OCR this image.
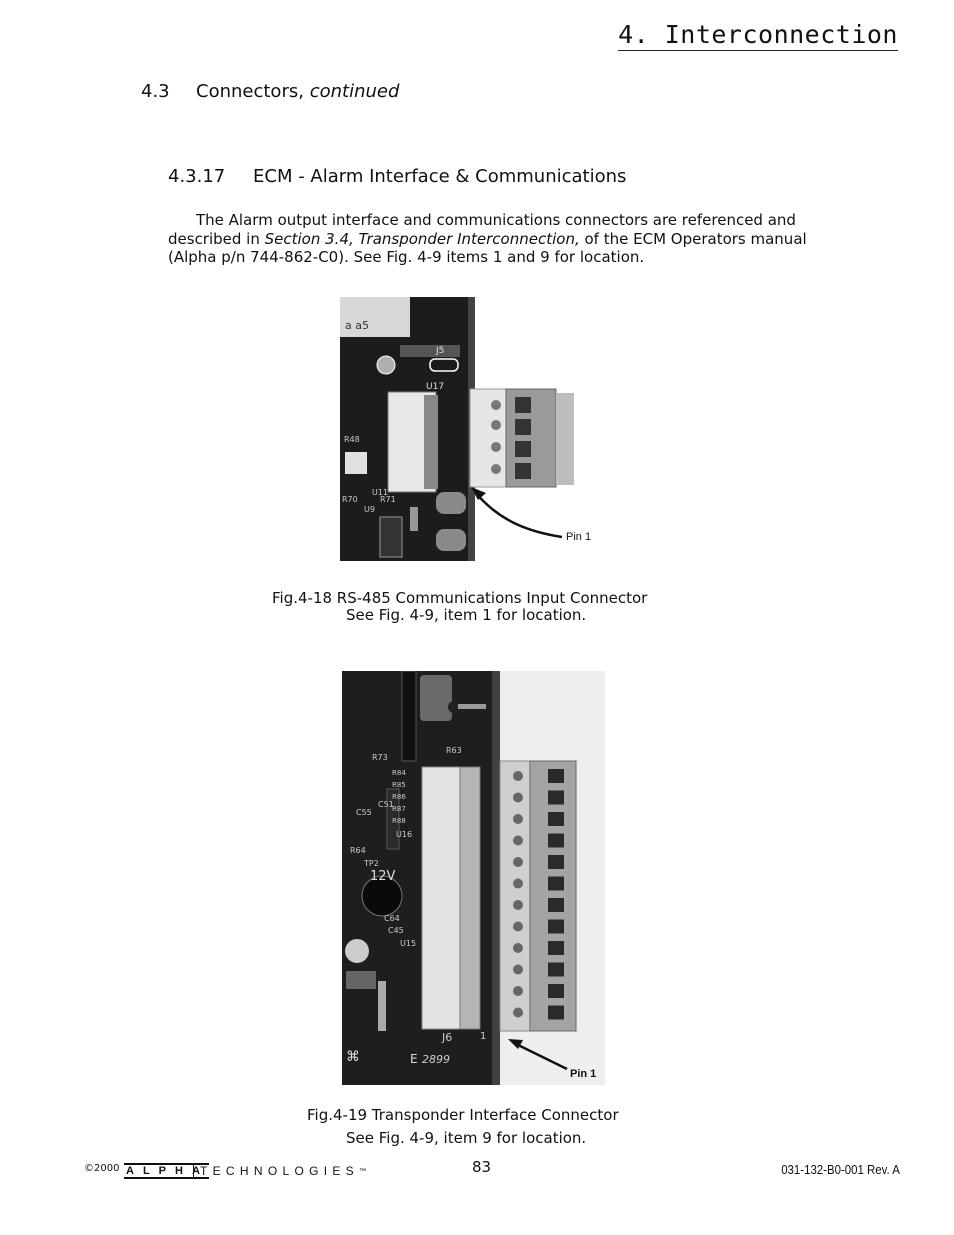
4. Interconnection
4.3 Connectors, continued
4.3.17 ECM - Alarm Interface & Communications
The Alarm output interface and communications connectors are referenced and described in Section 3.4, Transponder Interconnection, of the ECM Operators manual (Alpha p/n 744-862-C0). See Fig. 4-9 items 1 and 9 for location.
a a5
J5
U17
R48
U11
U9
R70	R71
Pin 1
Fig.4-18 RS-485 Communications Input Connector
See Fig. 4-9, item 1 for location.
R73
C55
C51
R64
TP2
12V
C64
C45
U15
J6	1
R63
R84
R85
R86
R87
R88
U16
⌘	E 2899
Pin 1
Fig.4-19 Transponder Interface Connector
See Fig. 4-9, item 9 for location.
©2000 ALPHA
TECHNOLOGIES™	83	031-132-B0-001 Rev. A
